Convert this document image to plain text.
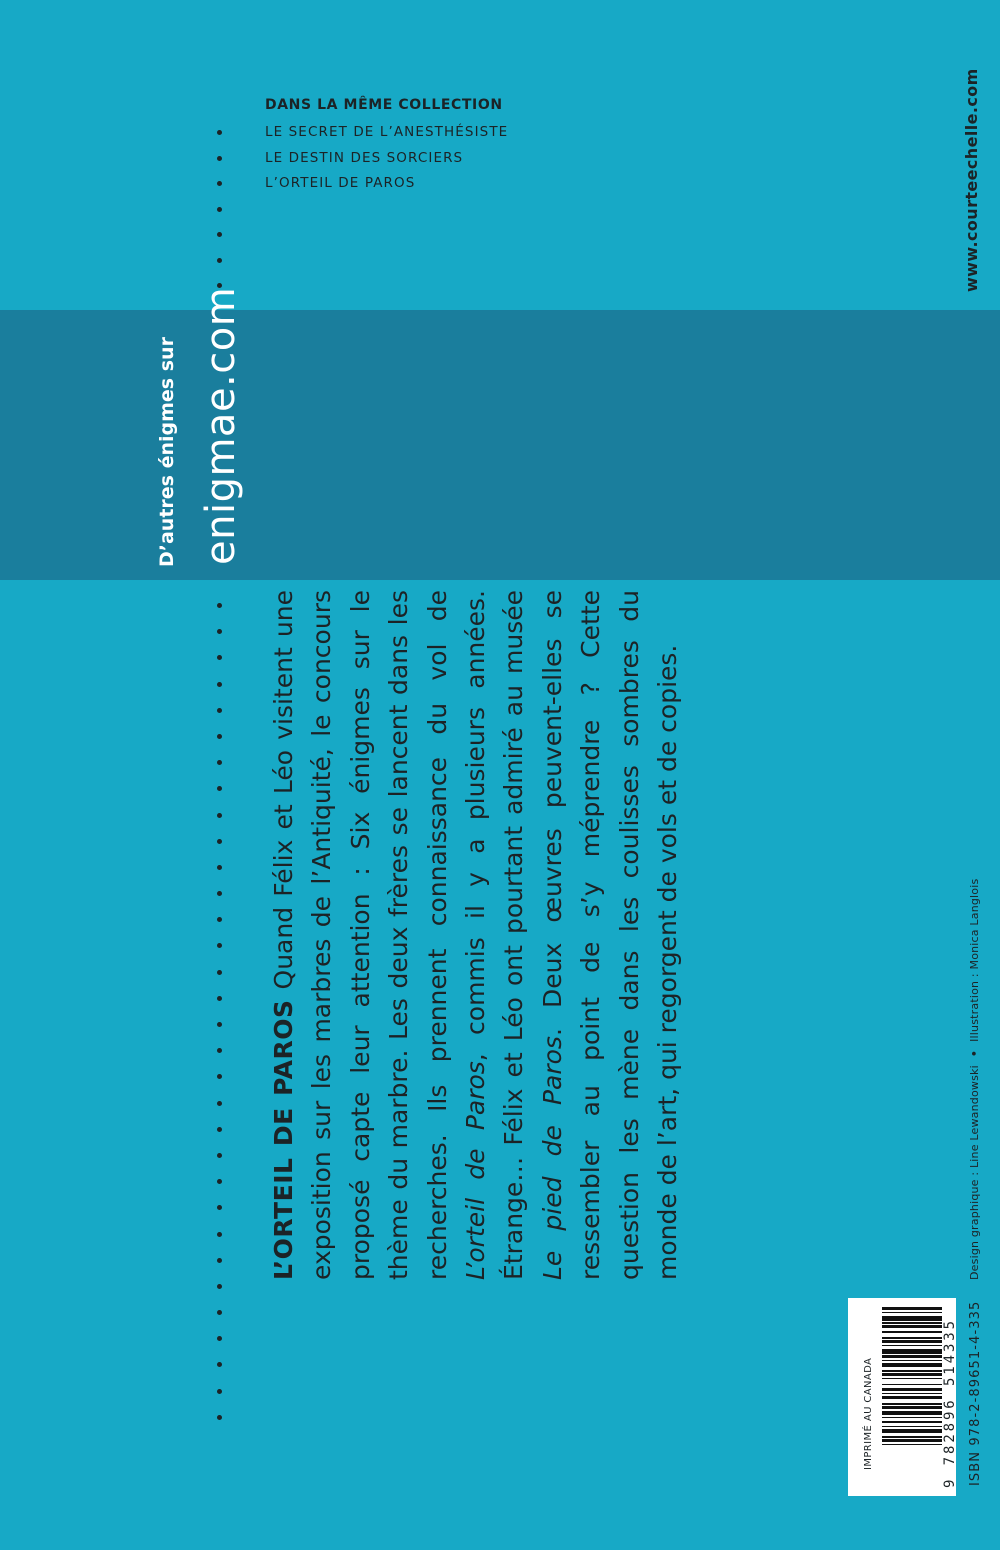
DANS LA MÊME COLLECTION
LE SECRET DE L’ANESTHÉSISTE
LE DESTIN DES SORCIERS
L’ORTEIL DE PAROS	www.courteechelle.com
D’autres énigmes sur enigmae.com
L’ORTEIL DE PAROSQuand Félix et Léo visitent une exposition sur les marbres de l’Antiquité, le concours proposé capte leur attention : Six énigmes sur le thème du marbre. Les deux frères se lancent dans les recherches. Ils prennent connaissance du vol de L’orteil de Paros, commis il y a plusieurs années. Étrange… Félix et Léo ont pourtant admiré au musée Le pied de Paros. Deux œuvres peuvent-elles se ressembler au point de s’y méprendre ? Cette question les mène dans les coulisses sombres du monde de l’art, qui regorgent de vols et de copies.	Design graphique : Line Lewandowski•Illustration : Monica Langlois
IMPRIMÉ AU CANADA	9 782896 514335 ISBN 978-2-89651-4-335
